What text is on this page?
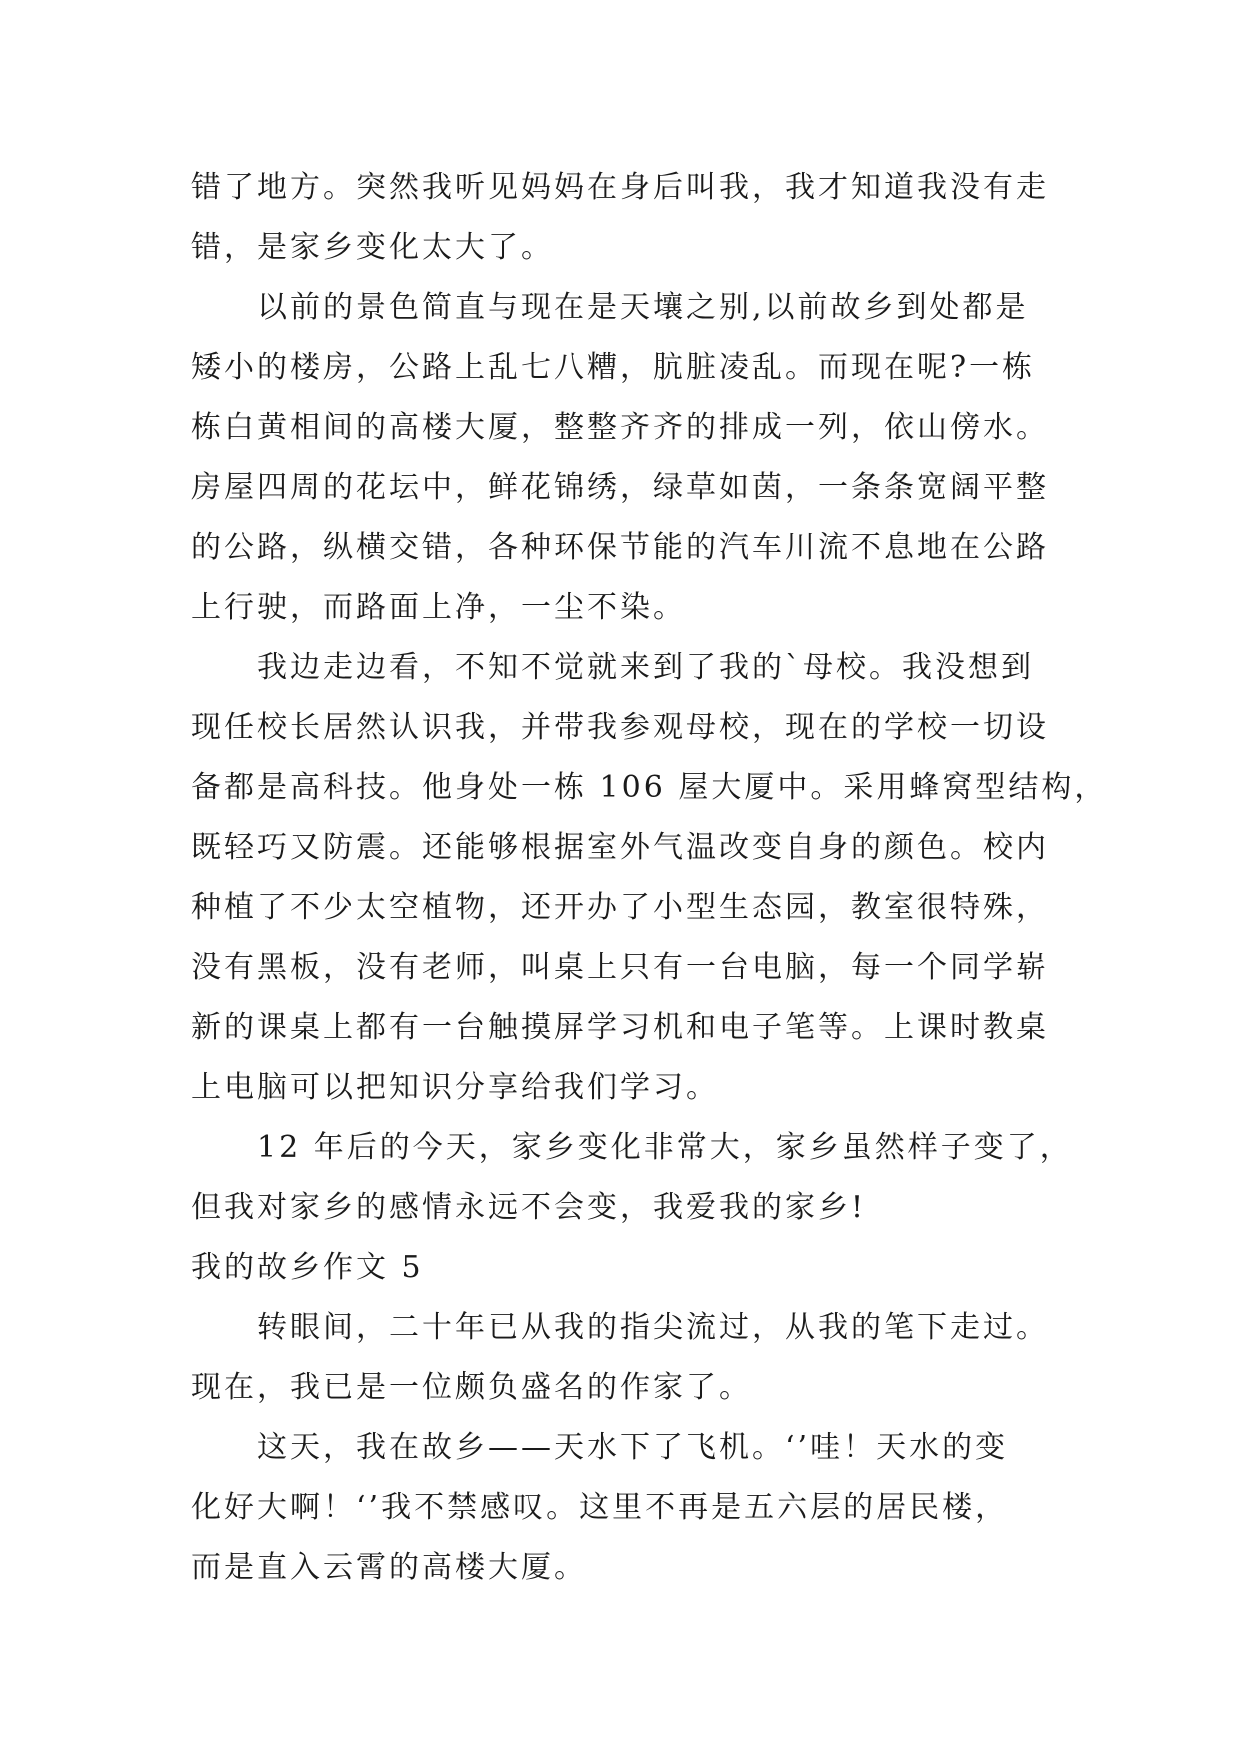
错了地方。突然我听见妈妈在身后叫我，我才知道我没有走
错，是家乡变化太大了。
以前的景色简直与现在是天壤之别,以前故乡到处都是
矮小的楼房，公路上乱七八糟，肮脏凌乱。而现在呢?一栋
栋白黄相间的高楼大厦，整整齐齐的排成一列，依山傍水。
房屋四周的花坛中，鲜花锦绣，绿草如茵，一条条宽阔平整
的公路，纵横交错，各种环保节能的汽车川流不息地在公路
上行驶，而路面上净，一尘不染。
我边走边看，不知不觉就来到了我的`母校。我没想到
现任校长居然认识我，并带我参观母校，现在的学校一切设
备都是高科技。他身处一栋 106 屋大厦中。采用蜂窝型结构，
既轻巧又防震。还能够根据室外气温改变自身的颜色。校内
种植了不少太空植物，还开办了小型生态园，教室很特殊，
没有黑板，没有老师，叫桌上只有一台电脑，每一个同学崭
新的课桌上都有一台触摸屏学习机和电子笔等。上课时教桌
上电脑可以把知识分享给我们学习。
12 年后的今天，家乡变化非常大，家乡虽然样子变了，
但我对家乡的感情永远不会变，我爱我的家乡!
我的故乡作文 5
转眼间，二十年已从我的指尖流过，从我的笔下走过。
现在，我已是一位颇负盛名的作家了。
这天，我在故乡——天水下了飞机。‘’哇！天水的变
化好大啊！‘’我不禁感叹。这里不再是五六层的居民楼，
而是直入云霄的高楼大厦。
